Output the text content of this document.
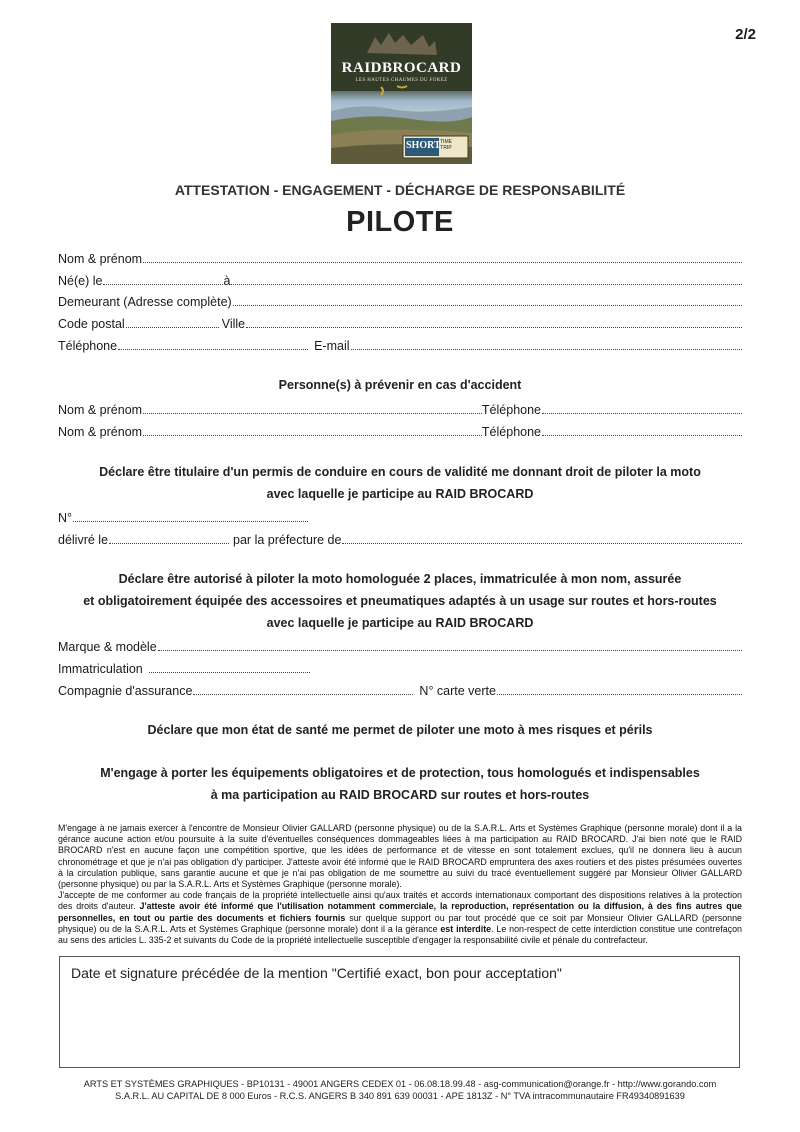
2/2
RAIDBROCARD
LES HAUTES CHAUMES DU FOREZ
SHORT TIME
TRIP
ATTESTATION - ENGAGEMENT - DÉCHARGE DE RESPONSABILITÉ
PILOTE
Nom & prénom
Né(e) le	à
Demeurant (Adresse complète)
Code postal	Ville
Téléphone	E-mail
Personne(s) à prévenir en cas d'accident
Nom & prénom	Téléphone
Nom & prénom	Téléphone
Déclare être titulaire d'un permis de conduire en cours de validité me donnant droit de piloter la moto
avec laquelle je participe au RAID BROCARD
N°
délivré le	par la préfecture de
Déclare être autorisé à piloter la moto homologuée 2 places, immatriculée à mon nom, assurée
et obligatoirement équipée des accessoires et pneumatiques adaptés à un usage sur routes et hors-routes
avec laquelle je participe au RAID BROCARD
Marque & modèle
Immatriculation
Compagnie d'assurance	N° carte verte
Déclare que mon état de santé me permet de piloter une moto à mes risques et périls
M'engage à porter les équipements obligatoires et de protection, tous homologués et indispensables
à ma participation au RAID BROCARD sur routes et hors-routes
M'engage à ne jamais exercer à l'encontre de Monsieur Olivier GALLARD (personne physique) ou de la S.A.R.L. Arts et Systèmes Graphique (personne morale) dont il a la gérance aucune action et/ou poursuite à la suite d'éventuelles conséquences dommageables liées à ma participation au RAID BROCARD. J'ai bien noté que le RAID BROCARD n'est en aucune façon une compétition sportive, que les idées de performance et de vitesse en sont totalement exclues, qu'il ne donnera lieu à aucun chronométrage et que je n'ai pas obligation d'y participer. J'atteste avoir été informé que le RAID BROCARD empruntera des axes routiers et des pistes présumées ouvertes à la circulation publique, sans garantie aucune et que je n'ai pas obligation de me soumettre au suivi du tracé éventuellement suggéré par Monsieur Olivier GALLARD (personne physique) ou par la S.A.R.L. Arts et Systèmes Graphique (personne morale).
J'accepte de me conformer au code français de la propriété intellectuelle ainsi qu'aux traités et accords internationaux comportant des dispositions relatives à la protection des droits d'auteur. J'atteste avoir été informé que l'utilisation notamment commerciale, la reproduction, représentation ou la diffusion, à des fins autres que personnelles, en tout ou partie des documents et fichiers fournis sur quelque support ou par tout procédé que ce soit par Monsieur Olivier GALLARD (personne physique) ou de la S.A.R.L. Arts et Systèmes Graphique (personne morale) dont il a la gérance est interdite. Le non-respect de cette interdiction constitue une contrefaçon au sens des articles L. 335-2 et suivants du Code de la propriété intellectuelle susceptible d'engager la responsabilité civile et pénale du contrefacteur.
Date et signature précédée de la mention "Certifié exact, bon pour acceptation"
ARTS ET SYSTÈMES GRAPHIQUES - BP10131 - 49001 ANGERS CEDEX 01 - 06.08.18.99.48 - asg-communication@orange.fr - http://www.gorando.com
S.A.R.L. AU CAPITAL DE 8 000 Euros - R.C.S. ANGERS B 340 891 639 00031 - APE 1813Z - N° TVA intracommunautaire FR49340891639
